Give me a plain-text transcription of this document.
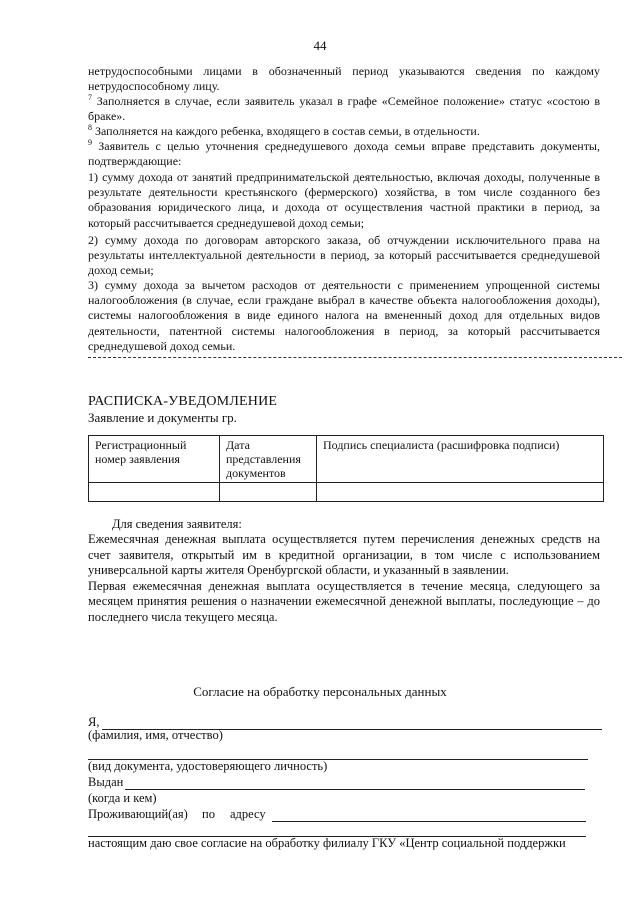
44

нетрудоспособными лицами в обозначенный период указываются сведения по каждому нетрудоспособному лицу.

$^7$ Заполняется в случае, если заявитель указал в графе «Семейное положение» статус «состою в браке».

$^8$ Заполняется на каждого ребенка, входящего в состав семьи, в отдельности.

$^9$ Заявитель с целью уточнения среднедушевого дохода семьи вправе представить документы, подтверждающие:

1) сумму дохода от занятий предпринимательской деятельностью, включая доходы, полученные в результате деятельности крестьянского (фермерского) хозяйства, в том числе созданного без образования юридического лица, и дохода от осуществления частной практики в период, за который рассчитывается среднедушевой доход семьи;

2) сумму дохода по договорам авторского заказа, об отчуждении исключительного права на результаты интеллектуальной деятельности в период, за который рассчитывается среднедушевой доход семьи;

3) сумму дохода за вычетом расходов от деятельности с применением упрощенной системы налогообложения (в случае, если граждане выбрал в качестве объекта налогообложения доходы), системы налогообложения в виде единого налога на вмененный доход для отдельных видов деятельности, патентной системы налогообложения в период, за который рассчитывается среднедушевой доход семьи.

РАСПИСКА-УВЕДОМЛЕНИЕ
Заявление и документы гр.
Регистрационный номер заявления	Дата представления документов	Подпись специалиста (расшифровка подписи)

Для сведения заявителя:

Ежемесячная денежная выплата осуществляется путем перечисления денежных средств на счет заявителя, открытый им в кредитной организации, в том числе с использованием универсальной карты жителя Оренбургской области, и указанный в заявлении.

Первая ежемесячная денежная выплата осуществляется в течение месяца, следующего за месяцем принятия решения о назначении ежемесячной денежной выплаты, последующие – до последнего числа текущего месяца.

Согласие на обработку персональных данных
Я,
(фамилия, имя, отчество)
(вид документа, удостоверяющего личность)
Выдан
(когда и кем)
Проживающий(ая) по адресу
настоящим даю свое согласие на обработку филиалу ГКУ «Центр социальной поддержки
